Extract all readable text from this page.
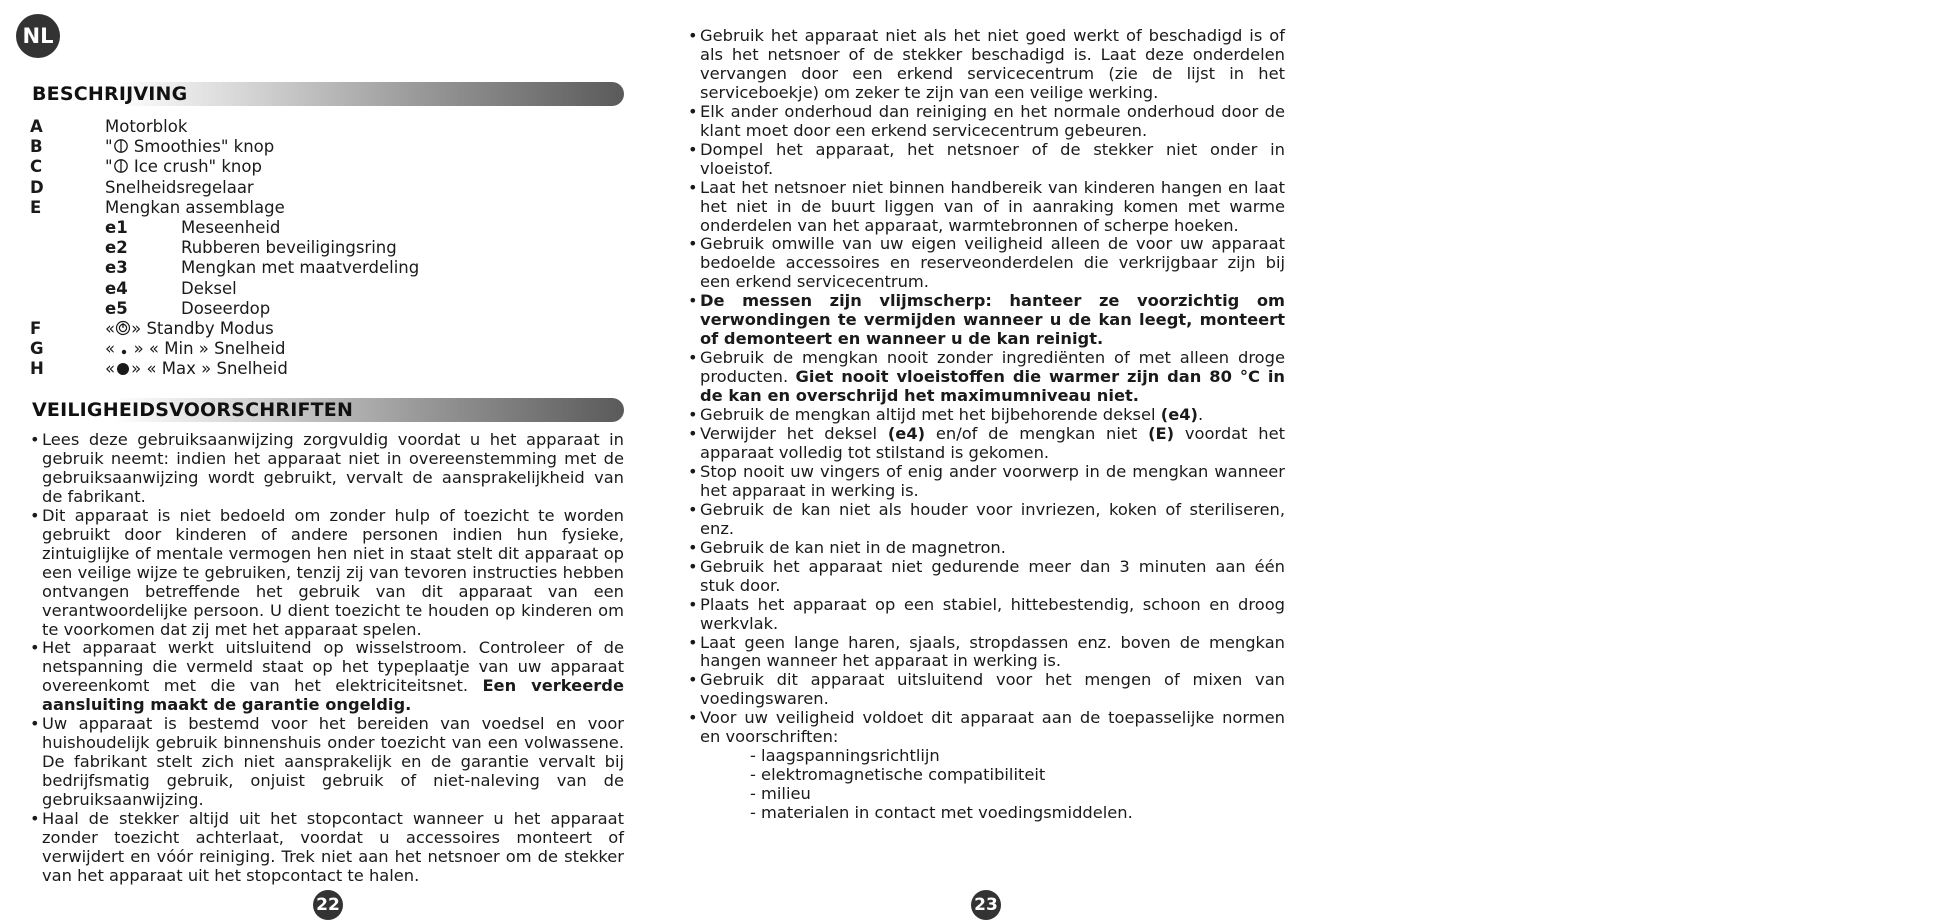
NL
BESCHRIJVING
A	Motorblok
B	" Smoothies" knop
C	" Ice crush" knop
D	Snelheidsregelaar
E	Mengkan assemblage
e1	Meseenheid
e2	Rubberen beveiligingsring
e3	Mengkan met maatverdeling
e4	Deksel
e5	Doseerdop
F	« » Standby Modus
G	«  » « Min » Snelheid
H	« » « Max » Snelheid
VEILIGHEIDSVOORSCHRIFTEN
• Lees deze gebruiksaanwijzing zorgvuldig voordat u het apparaat in gebruik neemt: indien het apparaat niet in overeenstemming met de gebruiksaanwijzing wordt gebruikt, vervalt de aansprakelijkheid van de fabrikant.
• Dit apparaat is niet bedoeld om zonder hulp of toezicht te worden gebruikt door kinderen of andere personen indien hun fysieke, zintuiglijke of mentale vermogen hen niet in staat stelt dit apparaat op een veilige wijze te gebruiken, tenzij zij van tevoren instructies hebben ontvangen betreffende het gebruik van dit apparaat van een verantwoordelijke persoon. U dient toezicht te houden op kinderen om te voorkomen dat zij met het apparaat spelen.
• Het apparaat werkt uitsluitend op wisselstroom. Controleer of de netspanning die vermeld staat op het typeplaatje van uw apparaat overeenkomt met die van het elektriciteitsnet. Een verkeerde aansluiting maakt de garantie ongeldig.
• Uw apparaat is bestemd voor het bereiden van voedsel en voor huishoudelijk gebruik binnenshuis onder toezicht van een volwassene. De fabrikant stelt zich niet aansprakelijk en de garantie vervalt bij bedrijfsmatig gebruik, onjuist gebruik of niet-naleving van de gebruiksaanwijzing.
• Haal de stekker altijd uit het stopcontact wanneer u het apparaat zonder toezicht achterlaat, voordat u accessoires monteert of verwijdert en vóór reiniging. Trek niet aan het netsnoer om de stekker van het apparaat uit het stopcontact te halen.
• Gebruik het apparaat niet als het niet goed werkt of beschadigd is of als het netsnoer of de stekker beschadigd is. Laat deze onderdelen vervangen door een erkend servicecentrum (zie de lijst in het serviceboekje) om zeker te zijn van een veilige werking.
• Elk ander onderhoud dan reiniging en het normale onderhoud door de klant moet door een erkend servicecentrum gebeuren.
• Dompel het apparaat, het netsnoer of de stekker niet onder in vloeistof.
• Laat het netsnoer niet binnen handbereik van kinderen hangen en laat het niet in de buurt liggen van of in aanraking komen met warme onderdelen van het apparaat, warmtebronnen of scherpe hoeken.
• Gebruik omwille van uw eigen veiligheid alleen de voor uw apparaat bedoelde accessoires en reserveonderdelen die verkrijgbaar zijn bij een erkend servicecentrum.
• De messen zijn vlijmscherp: hanteer ze voorzichtig om verwondingen te vermijden wanneer u de kan leegt, monteert of demonteert en wanneer u de kan reinigt.
• Gebruik de mengkan nooit zonder ingrediënten of met alleen droge producten. Giet nooit vloeistoffen die warmer zijn dan 80 °C in de kan en overschrijd het maximumniveau niet.
• Gebruik de mengkan altijd met het bijbehorende deksel (e4).
• Verwijder het deksel (e4) en/of de mengkan niet (E) voordat het apparaat volledig tot stilstand is gekomen.
• Stop nooit uw vingers of enig ander voorwerp in de mengkan wanneer het apparaat in werking is.
• Gebruik de kan niet als houder voor invriezen, koken of steriliseren, enz.
• Gebruik de kan niet in de magnetron.
• Gebruik het apparaat niet gedurende meer dan 3 minuten aan één stuk door.
• Plaats het apparaat op een stabiel, hittebestendig, schoon en droog werkvlak.
• Laat geen lange haren, sjaals, stropdassen enz. boven de mengkan hangen wanneer het apparaat in werking is.
• Gebruik dit apparaat uitsluitend voor het mengen of mixen van voedingswaren.
• Voor uw veiligheid voldoet dit apparaat aan de toepasselijke normen en voorschriften:
- laagspanningsrichtlijn
- elektromagnetische compatibiliteit
- milieu
- materialen in contact met voedingsmiddelen.
22	23
